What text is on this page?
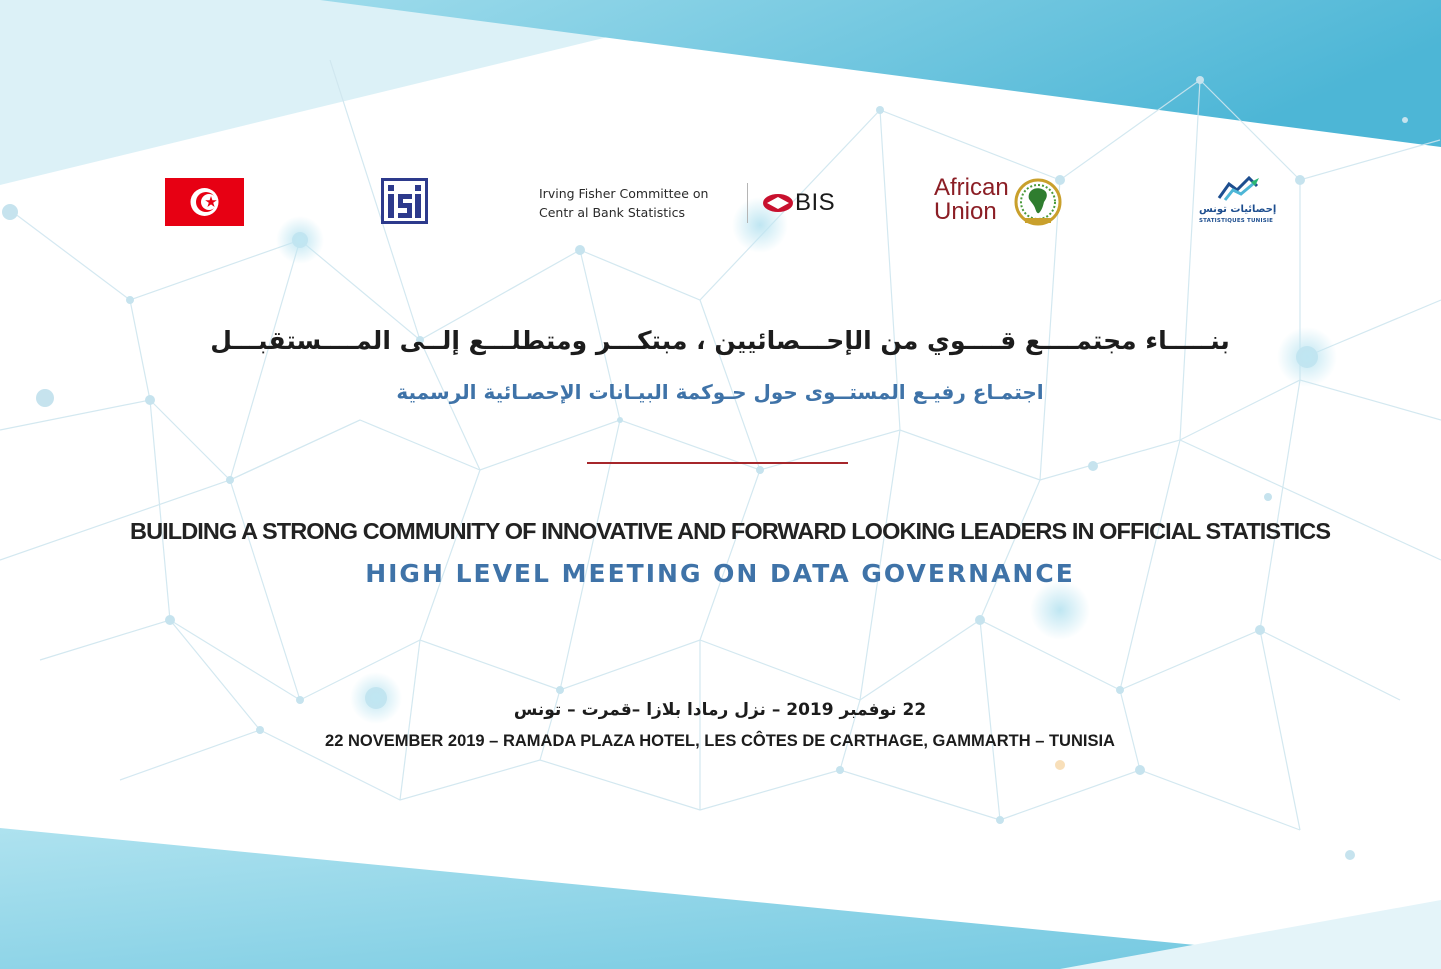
Irving Fisher Committee on
Centr al Bank Statistics	BIS
African
Union	إحصائيات تونس
STATISTIQUES TUNISIE
بنـــــاء مجتمــــع قــــوي من الإحـــصائيين ، مبتكـــر ومتطلـــع إلــى المــــستقبـــل
اجتمـاع رفيـع المستــوى حول حـوكمة البيـانات الإحصـائية الرسمية
BUILDING A STRONG COMMUNITY OF INNOVATIVE AND FORWARD LOOKING LEADERS IN OFFICIAL STATISTICS
HIGH LEVEL MEETING ON DATA GOVERNANCE
22 نوفمبر 2019 – نزل رمادا بلازا –قمرت – تونس
22 NOVEMBER 2019 – RAMADA PLAZA HOTEL, LES CÔTES DE CARTHAGE, GAMMARTH – TUNISIA
